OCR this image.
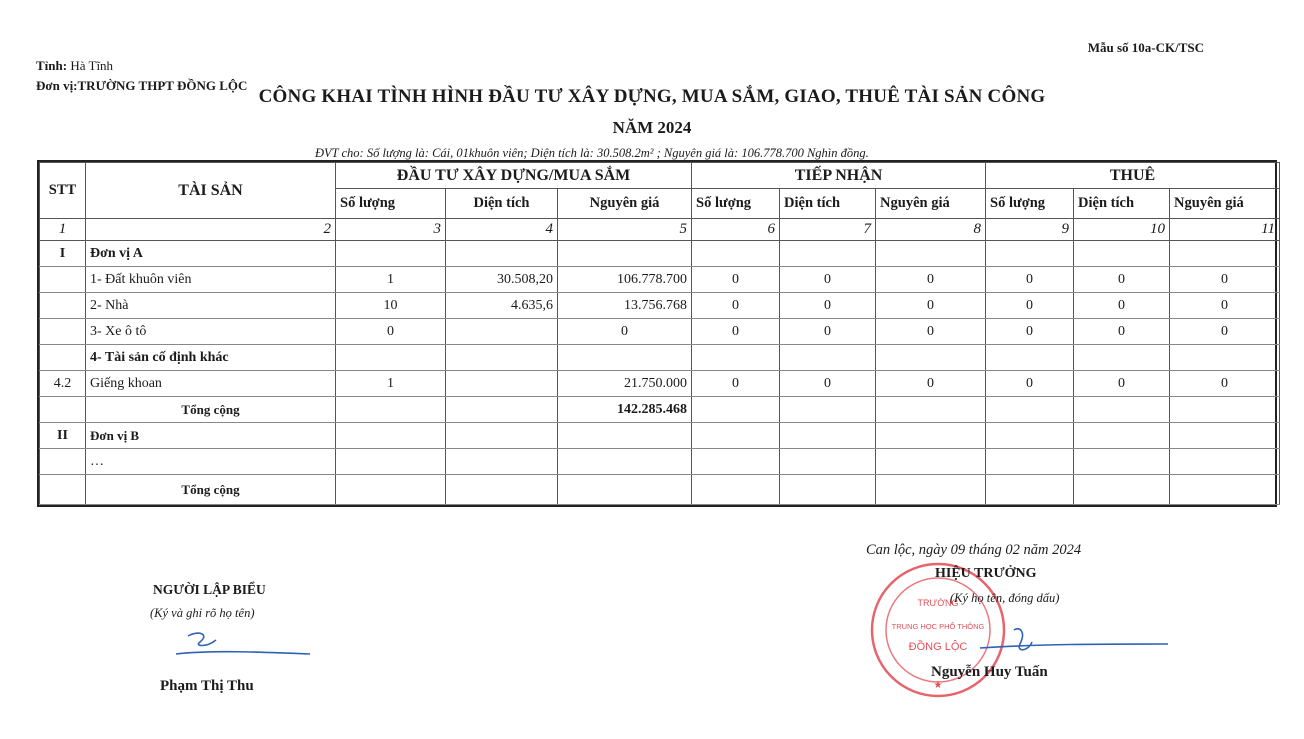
Mẫu số 10a-CK/TSC
Tỉnh: Hà Tĩnh
Đơn vị:TRƯỜNG THPT ĐỒNG LỘC
CÔNG KHAI TÌNH HÌNH ĐẦU TƯ XÂY DỰNG, MUA SẮM, GIAO, THUÊ TÀI SẢN CÔNG
NĂM 2024
ĐVT cho: Số lượng là: Cái, 01khuôn viên; Diện tích là: 30.508.2m² ; Nguyên giá là: 106.778.700 Nghìn đồng.
STT	TÀI SẢN	ĐẦU TƯ XÂY DỰNG/MUA SẮM			TIẾP NHẬN			THUÊ		
		Số lượng	Diện tích	Nguyên giá	Số lượng	Diện tích	Nguyên giá	Số lượng	Diện tích	Nguyên giá
1	2	3	4	5	6	7	8	9	10	11
I	Đơn vị A									
	1- Đất khuôn viên	1	30.508,20	106.778.700	0	0	0	0	0	0
	2- Nhà	10	4.635,6	13.756.768	0	0	0	0	0	0
	3- Xe ô tô	0		0	0	0	0	0	0	0
	4- Tài sản cố định khác									
4.2	Giếng khoan	1		21.750.000	0	0	0	0	0	0
	Tổng cộng			142.285.468						
II	Đơn vị B									
	…									
	Tổng cộng									
NGƯỜI LẬP BIỂU
(Ký và ghi rõ họ tên)
Phạm Thị Thu
Can lộc, ngày 09 tháng 02 năm 2024
TRƯỜNG
TRUNG HỌC PHỔ THÔNG
ĐỒNG LỘC
★
HIỆU TRƯỞNG
(Ký họ tên, đóng dấu)
Nguyễn Huy Tuấn
